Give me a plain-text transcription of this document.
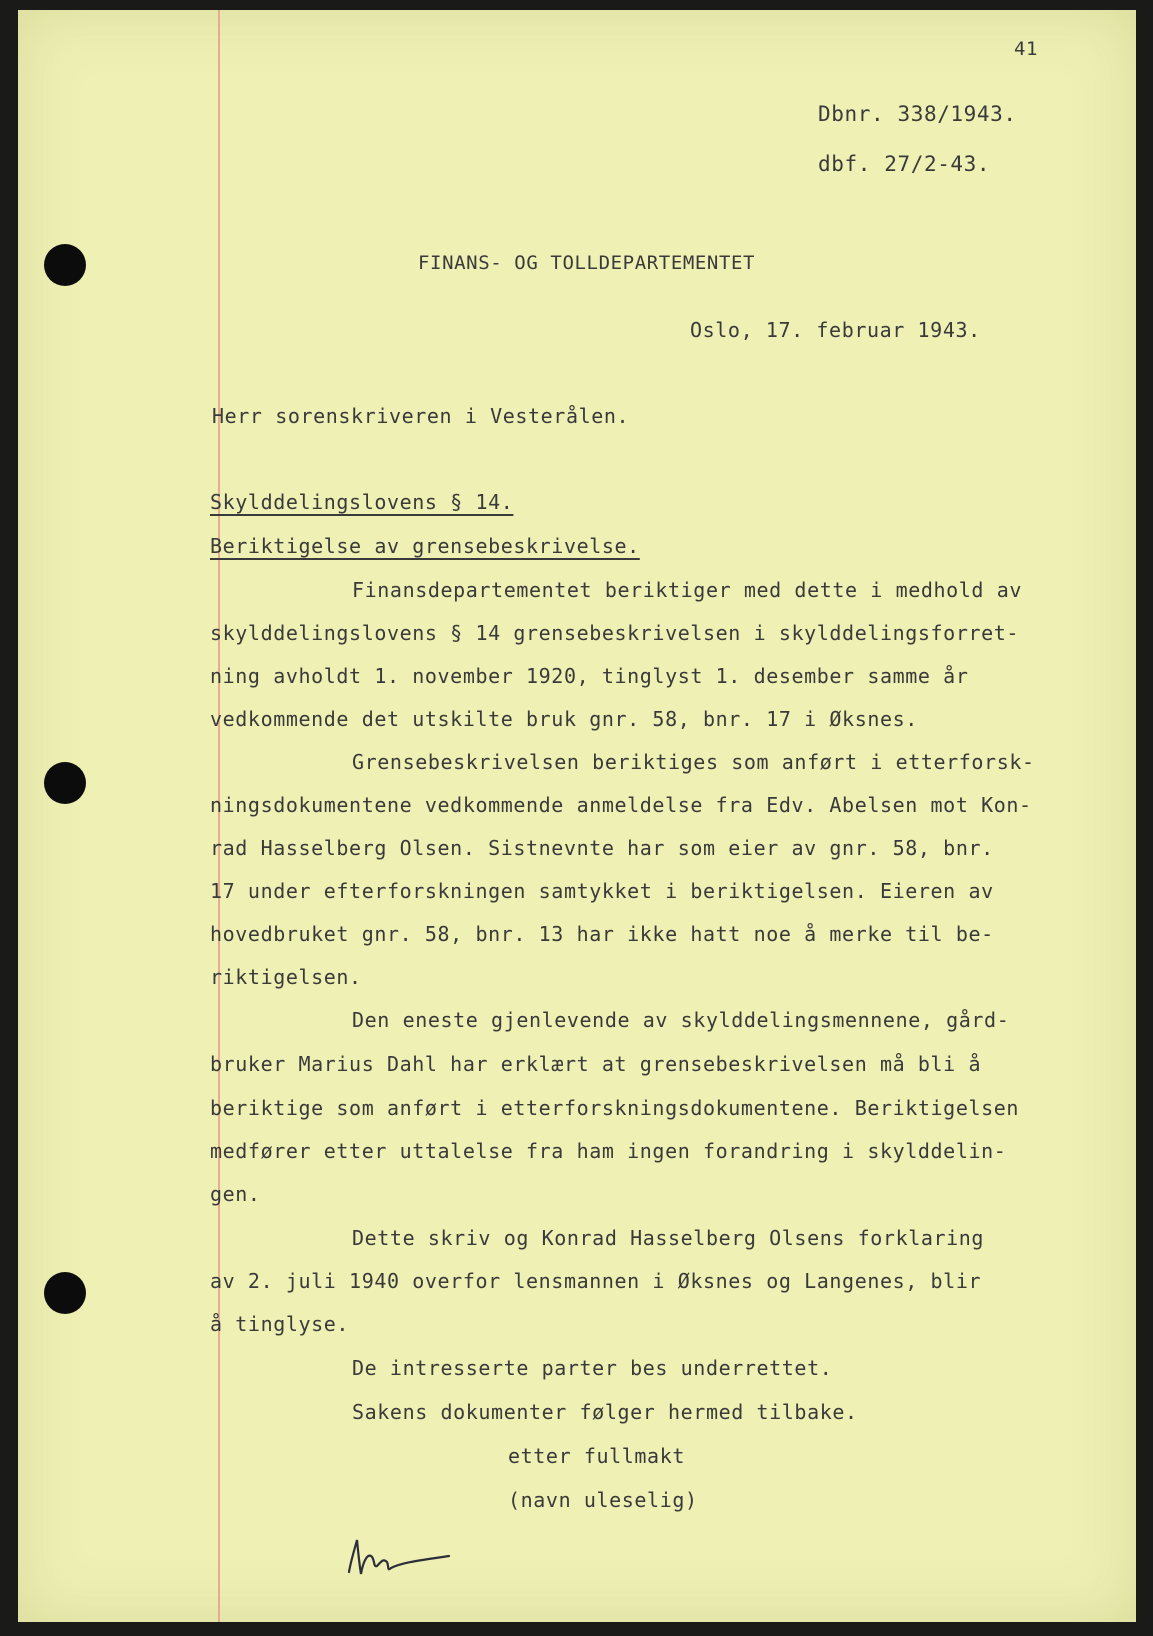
41

Dbnr. 338/1943.

dbf. 27/2-43.

FINANS- OG TOLLDEPARTEMENTET

Oslo, 17. februar 1943.

Herr sorenskriveren i Vesterålen.

Skylddelingslovens § 14.

Beriktigelse av grensebeskrivelse.

Finansdepartementet beriktiger med dette i medhold av

skylddelingslovens § 14 grensebeskrivelsen i skylddelingsforret-

ning avholdt 1. november 1920, tinglyst 1. desember samme år

vedkommende det utskilte bruk gnr. 58, bnr. 17 i Øksnes.

Grensebeskrivelsen beriktiges som anført i etterforsk-

ningsdokumentene vedkommende anmeldelse fra Edv. Abelsen mot Kon-

rad Hasselberg Olsen. Sistnevnte har som eier av gnr. 58, bnr.

17 under efterforskningen samtykket i beriktigelsen. Eieren av

hovedbruket gnr. 58, bnr. 13 har ikke hatt noe å merke til be-

riktigelsen.

Den eneste gjenlevende av skylddelingsmennene, gård-

bruker Marius Dahl har erklært at grensebeskrivelsen må bli å

beriktige som anført i etterforskningsdokumentene. Beriktigelsen

medfører etter uttalelse fra ham ingen forandring i skylddelin-

gen.

Dette skriv og Konrad Hasselberg Olsens forklaring

av 2. juli 1940 overfor lensmannen i Øksnes og Langenes, blir

å tinglyse.

De intresserte parter bes underrettet.

Sakens dokumenter følger hermed tilbake.

etter fullmakt

(navn uleselig)
